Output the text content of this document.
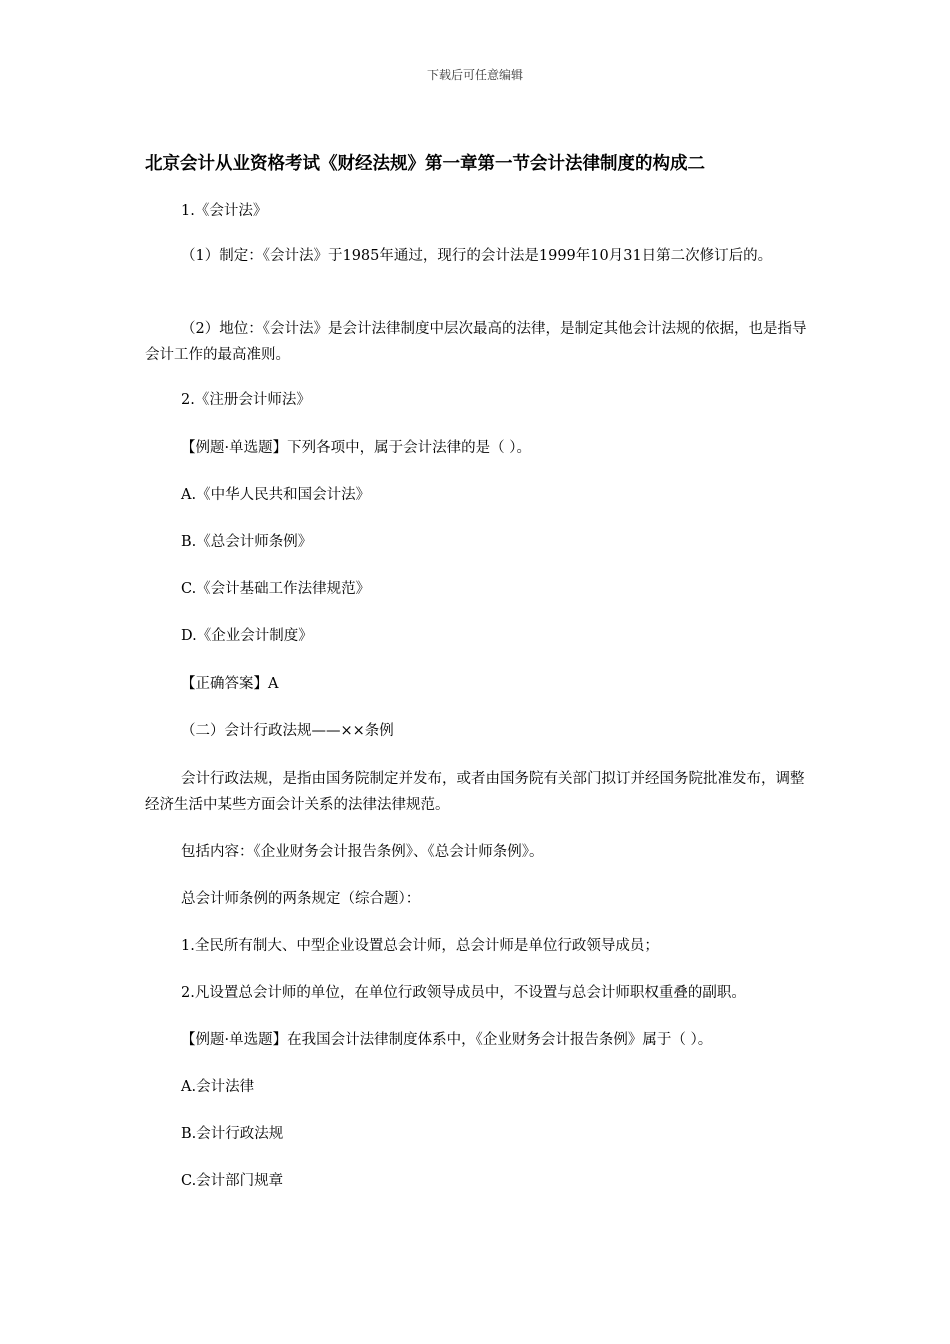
下载后可任意编辑
北京会计从业资格考试《财经法规》第一章第一节会计法律制度的构成二
1.《会计法》
（1）制定：《会计法》于1985年通过，现行的会计法是1999年10月31日第二次修订后的。
（2）地位：《会计法》是会计法律制度中层次最高的法律，是制定其他会计法规的依据，也是指导会计工作的最高准则。
2.《注册会计师法》
【例题·单选题】下列各项中，属于会计法律的是（ ）。
A.《中华人民共和国会计法》
B.《总会计师条例》
C.《会计基础工作法律规范》
D.《企业会计制度》
【正确答案】A
（二）会计行政法规——××条例
会计行政法规，是指由国务院制定并发布，或者由国务院有关部门拟订并经国务院批准发布，调整经济生活中某些方面会计关系的法律法律规范。
包括内容：《企业财务会计报告条例》、《总会计师条例》。
总会计师条例的两条规定（综合题）：
1.全民所有制大、中型企业设置总会计师，总会计师是单位行政领导成员；
2.凡设置总会计师的单位，在单位行政领导成员中，不设置与总会计师职权重叠的副职。
【例题·单选题】在我国会计法律制度体系中，《企业财务会计报告条例》属于（ ）。
A.会计法律
B.会计行政法规
C.会计部门规章
